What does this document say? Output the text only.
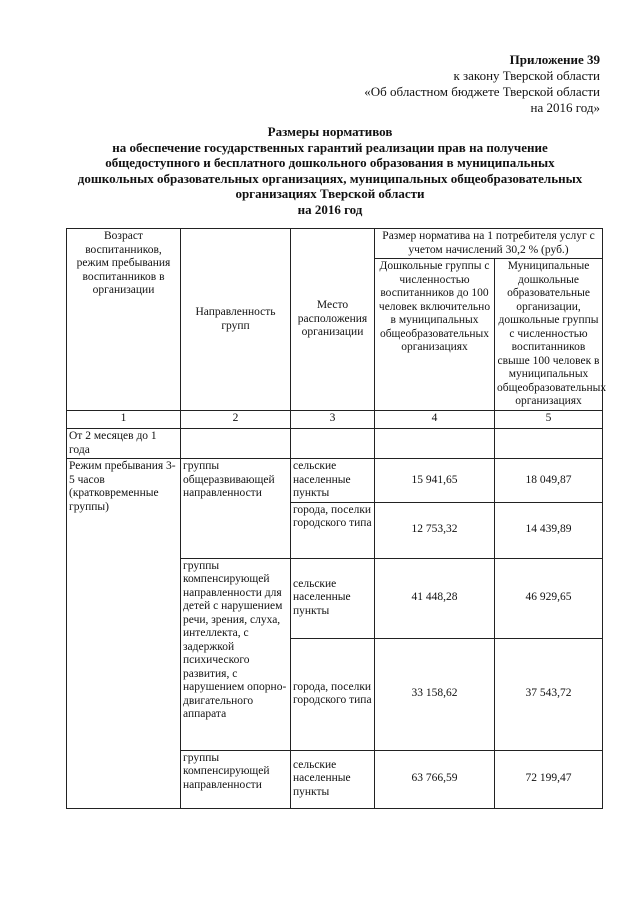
Приложение 39
к закону Тверской области
«Об областном бюджете Тверской области
на 2016 год»
Размеры нормативов
на обеспечение государственных гарантий реализации прав на получение
общедоступного и бесплатного дошкольного образования в муниципальных
дошкольных образовательных организациях, муниципальных общеобразовательных
организациях Тверской области
на 2016 год
Возраст воспитанников, режим пребывания воспитанников в организации	Направленность групп	Место расположения организации	Размер норматива на 1 потребителя услуг с учетом начислений 30,2 % (руб.)	
			Дошкольные группы с численностью воспитанников до 100 человек включительно в муниципальных общеобразовательных организациях	Муниципальные дошкольные образовательные организации, дошкольные группы с численностью воспитанников свыше 100 человек в муниципальных общеобразовательных организациях
1	2	3	4	5
От 2 месяцев до 1 года				
Режим пребывания 3-5 часов (кратковременные группы)	группы общеразвивающей направленности	сельские населенные пункты	15 941,65	18 049,87
		города, поселки городского типа	12 753,32	14 439,89
	группы компенсирующей направленности для детей с нарушением речи, зрения, слуха, интеллекта, с задержкой психического развития, с нарушением опорно-двигательного аппарата	сельские населенные пункты	41 448,28	46 929,65
		города, поселки городского типа	33 158,62	37 543,72
	группы компенсирующей направленности	сельские населенные пункты	63 766,59	72 199,47
